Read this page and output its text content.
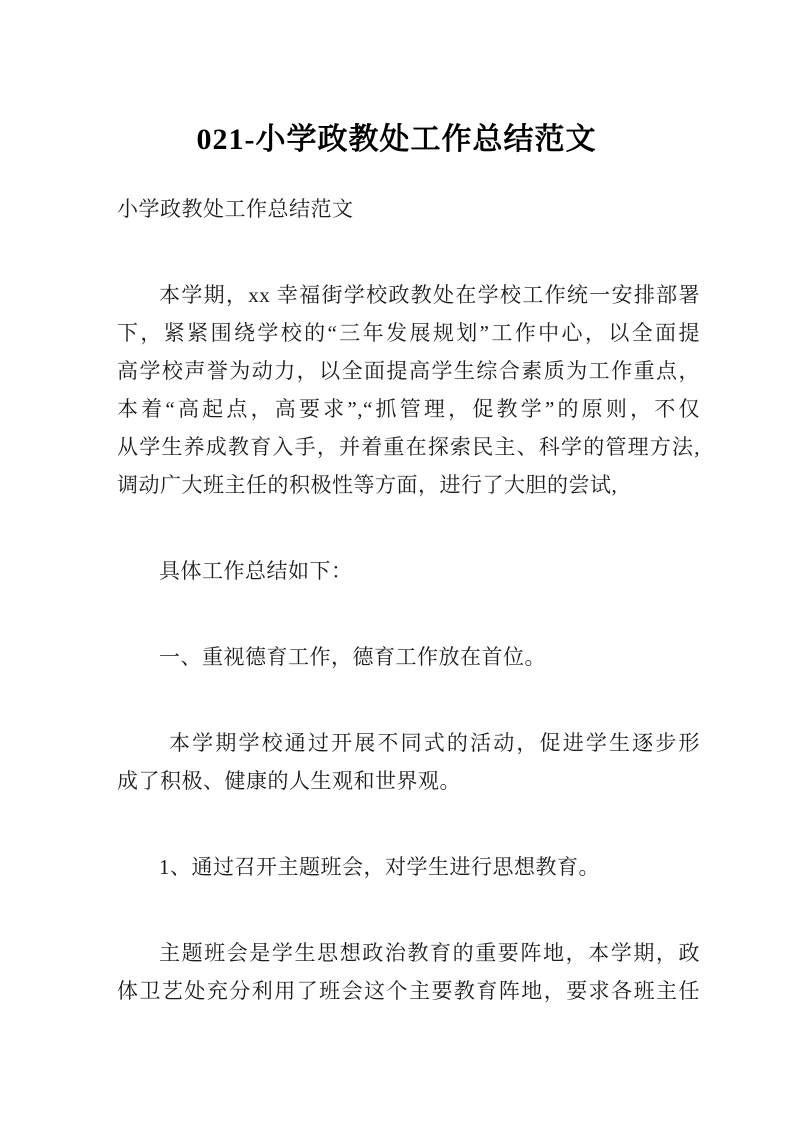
021-小学政教处工作总结范文
小学政教处工作总结范文
本学期，xx 幸福街学校政教处在学校工作统一安排部署
下，紧紧围绕学校的“三年发展规划”工作中心，以全面提
高学校声誉为动力，以全面提高学生综合素质为工作重点，
本着“高起点，高要求”,“抓管理，促教学”的原则，不仅
从学生养成教育入手，并着重在探索民主、科学的管理方法,
调动广大班主任的积极性等方面，进行了大胆的尝试,
具体工作总结如下：
一、重视德育工作，德育工作放在首位。
本学期学校通过开展不同式的活动，促进学生逐步形
成了积极、健康的人生观和世界观。
1、通过召开主题班会，对学生进行思想教育。
主题班会是学生思想政治教育的重要阵地，本学期，政
体卫艺处充分利用了班会这个主要教育阵地，要求各班主任
